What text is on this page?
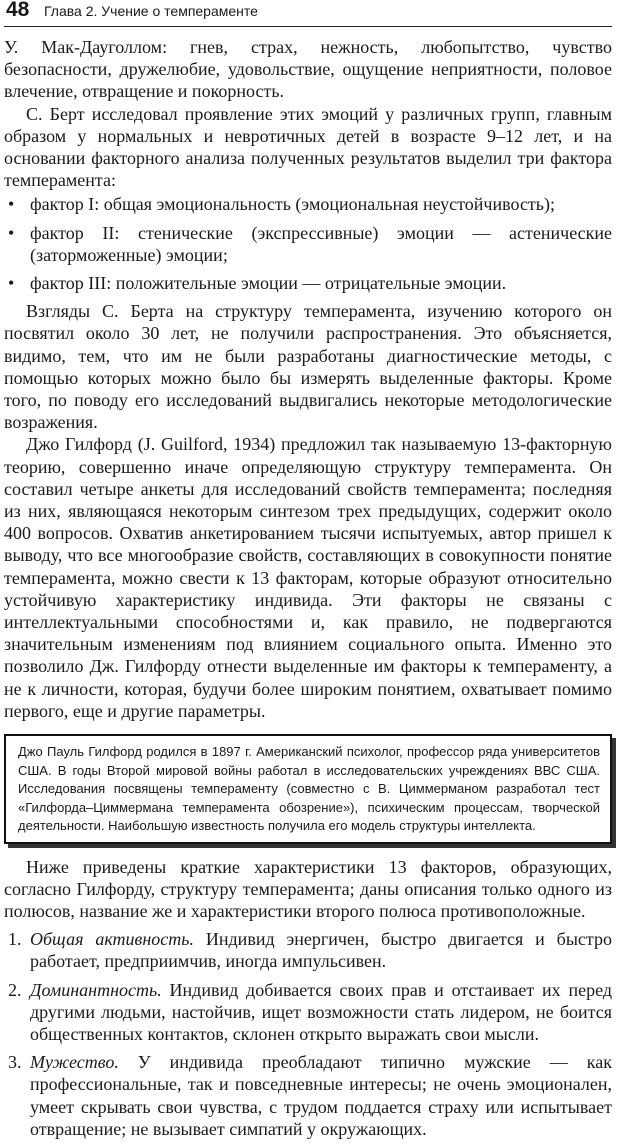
48 Глава 2. Учение о темпераменте

У. Мак-Дауголлом: гнев, страх, нежность, любопытство, чувство безопасности, дружелюбие, удовольствие, ощущение неприятности, половое влечение, отвращение и покорность.

С. Берт исследовал проявление этих эмоций у различных групп, главным образом у нормальных и невротичных детей в возрасте 9–12 лет, и на основании факторного анализа полученных результатов выделил три фактора темперамента:

• фактор I: общая эмоциональность (эмоциональная неустойчивость);
• фактор II: стенические (экспрессивные) эмоции — астенические (заторможенные) эмоции;
• фактор III: положительные эмоции — отрицательные эмоции.

Взгляды С. Берта на структуру темперамента, изучению которого он посвятил около 30 лет, не получили распространения. Это объясняется, видимо, тем, что им не были разработаны диагностические методы, с помощью которых можно было бы измерять выделенные факторы. Кроме того, по поводу его исследований выдвигались некоторые методологические возражения.

Джо Гилфорд (J. Guilford, 1934) предложил так называемую 13-факторную теорию, совершенно иначе определяющую структуру темперамента. Он составил четыре анкеты для исследований свойств темперамента; последняя из них, являющаяся некоторым синтезом трех предыдущих, содержит около 400 вопросов. Охватив анкетированием тысячи испытуемых, автор пришел к выводу, что все многообразие свойств, составляющих в совокупности понятие темперамента, можно свести к 13 факторам, которые образуют относительно устойчивую характеристику индивида. Эти факторы не связаны с интеллектуальными способностями и, как правило, не подвергаются значительным изменениям под влиянием социального опыта. Именно это позволило Дж. Гилфорду отнести выделенные им факторы к темпераменту, а не к личности, которая, будучи более широким понятием, охватывает помимо первого, еще и другие параметры.

Джо Пауль Гилфорд родился в 1897 г. Американский психолог, профессор ряда университетов США. В годы Второй мировой войны работал в исследовательских учреждениях ВВС США. Исследования посвящены темпераменту (совместно с В. Циммерманом разработал тест «Гилфорда–Циммермана темперамента обозрение»), психическим процессам, творческой деятельности. Наибольшую известность получила его модель структуры интеллекта.

Ниже приведены краткие характеристики 13 факторов, образующих, согласно Гилфорду, структуру темперамента; даны описания только одного из полюсов, название же и характеристики второго полюса противоположные.

1. Общая активность. Индивид энергичен, быстро двигается и быстро работает, предприимчив, иногда импульсивен.
2. Доминантность. Индивид добивается своих прав и отстаивает их перед другими людьми, настойчив, ищет возможности стать лидером, не боится общественных контактов, склонен открыто выражать свои мысли.
3. Мужество. У индивида преобладают типично мужские — как профессиональные, так и повседневные интересы; не очень эмоционален, умеет скрывать свои чувства, с трудом поддается страху или испытывает отвращение; не вызывает симпатий у окружающих.
